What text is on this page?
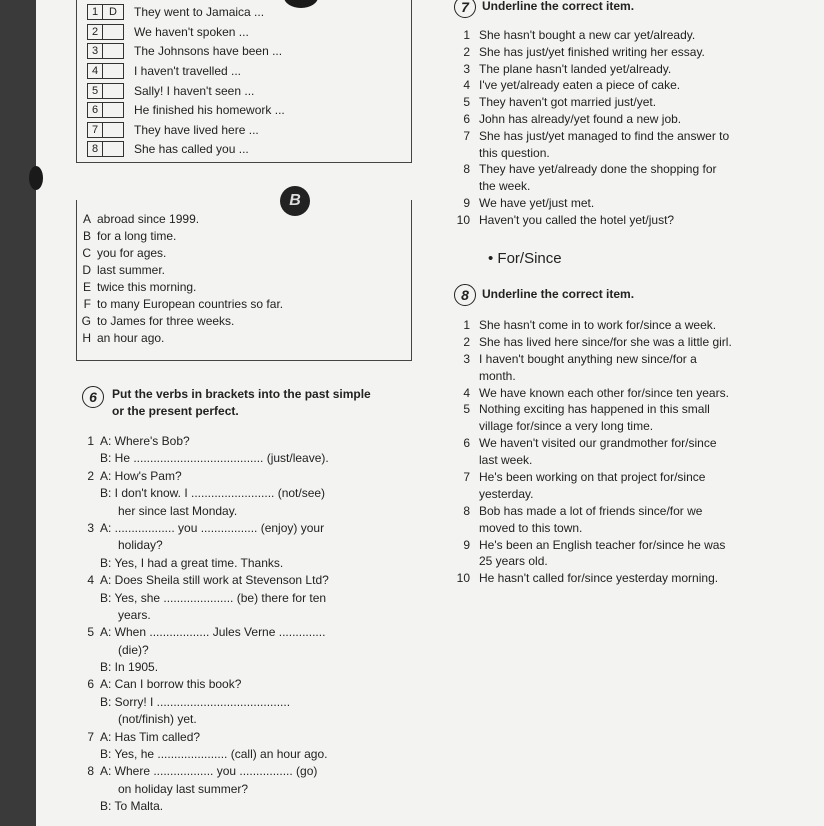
1 D They went to Jamaica ...
2	We haven't spoken ...
3	The Johnsons have been ...
4	I haven't travelled ...
5	Sally! I haven't seen ...
6	He finished his homework ...
7	They have lived here ...
8	She has called you ...
B
A abroad since 1999.
B for a long time.
C you for ages.
D last summer.
E twice this morning.
F to many European countries so far.
G to James for three weeks.
H an hour ago.
6	Put the verbs in brackets into the past simple
or the present perfect.
1 A: Where's Bob?
B: He ....................................... (just/leave).
2 A: How's Pam?
B: I don't know. I ......................... (not/see)
her since last Monday.
3 A: .................. you ................. (enjoy) your
holiday?
B: Yes, I had a great time. Thanks.
4 A: Does Sheila still work at Stevenson Ltd?
B: Yes, she ..................... (be) there for ten
years.
5 A: When .................. Jules Verne ..............
(die)?
B: In 1905.
6 A: Can I borrow this book?
B: Sorry! I ........................................
(not/finish) yet.
7 A: Has Tim called?
B: Yes, he ..................... (call) an hour ago.
8 A: Where .................. you ................ (go)
on holiday last summer?
B: To Malta.
7 Underline the correct item.
1 She hasn't bought a new car yet/already.
2 She has just/yet finished writing her essay.
3 The plane hasn't landed yet/already.
4 I've yet/already eaten a piece of cake.
5 They haven't got married just/yet.
6 John has already/yet found a new job.
7 She has just/yet managed to find the answer to
this question.
8 They have yet/already done the shopping for
the week.
9 We have yet/just met.
10 Haven't you called the hotel yet/just?
• For/Since
8 Underline the correct item.
1 She hasn't come in to work for/since a week.
2 She has lived here since/for she was a little girl.
3 I haven't bought anything new since/for a
month.
4 We have known each other for/since ten years.
5 Nothing exciting has happened in this small
village for/since a very long time.
6 We haven't visited our grandmother for/since
last week.
7 He's been working on that project for/since
yesterday.
8 Bob has made a lot of friends since/for we
moved to this town.
9 He's been an English teacher for/since he was
25 years old.
10 He hasn't called for/since yesterday morning.
